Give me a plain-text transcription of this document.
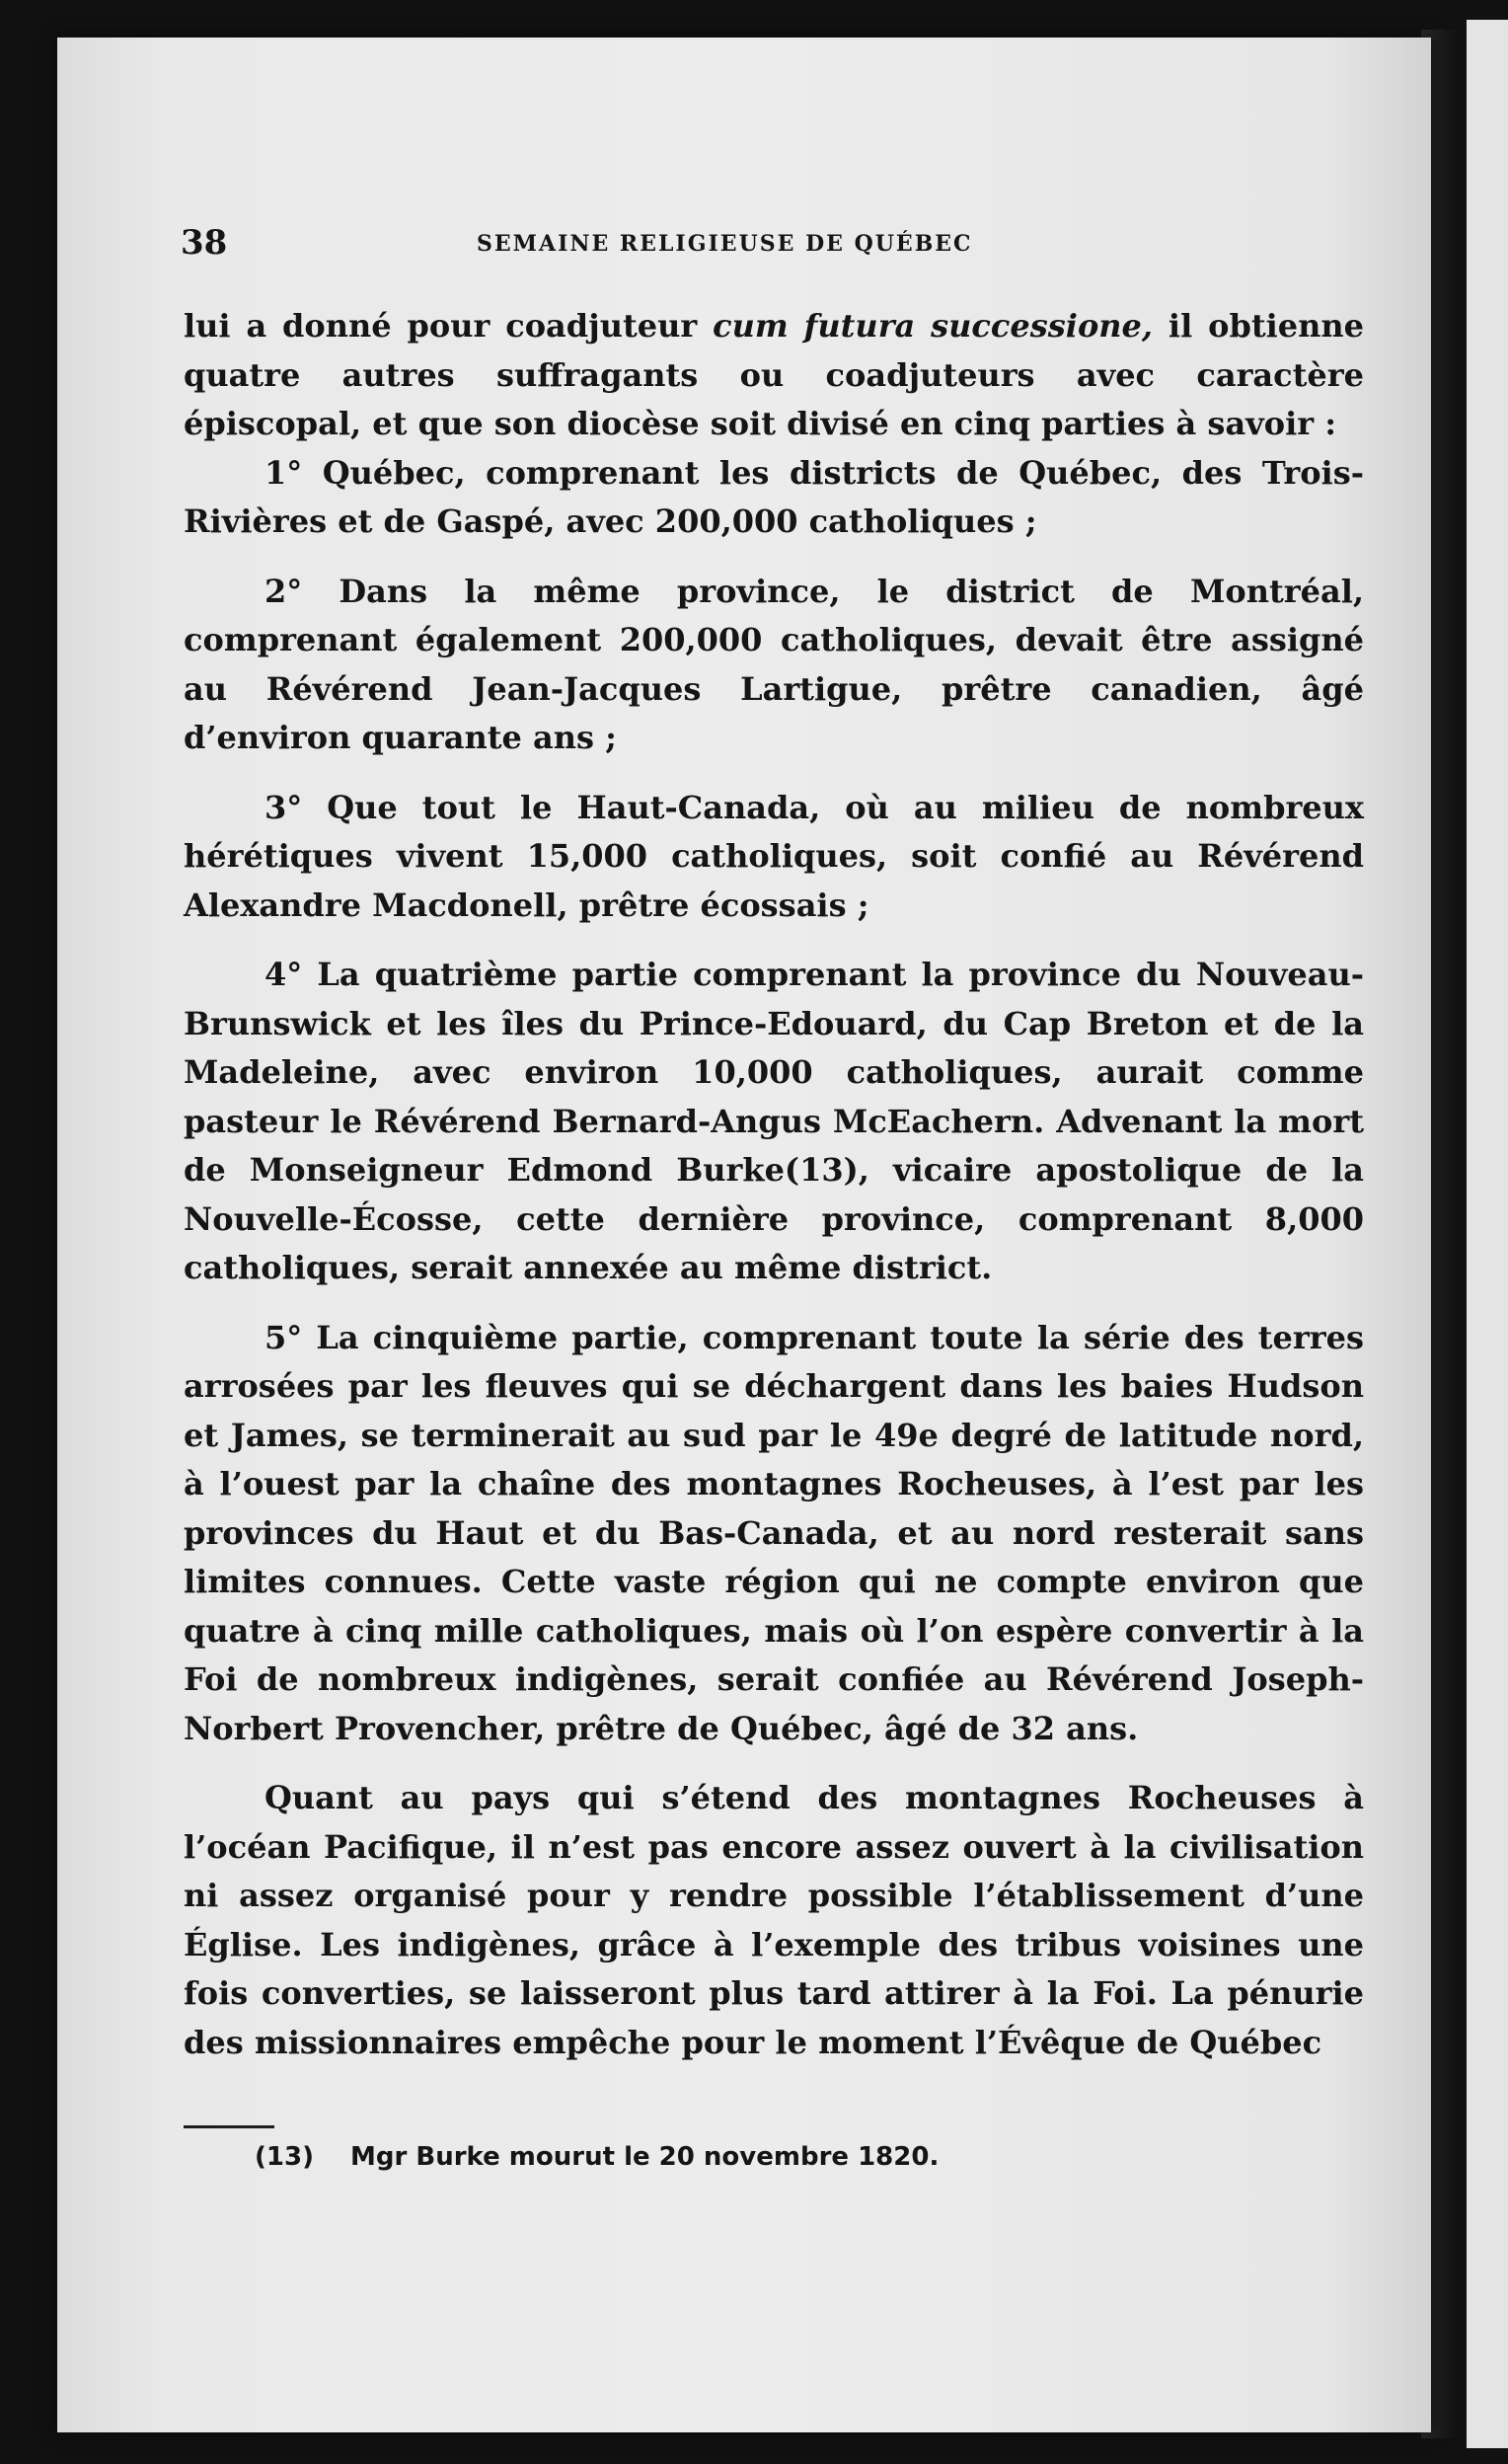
38	SEMAINE RELIGIEUSE DE QUÉBEC

lui a donné pour coadjuteur cum futura successione, il obtienne quatre autres suffragants ou coadjuteurs avec caractère épiscopal, et que son diocèse soit divisé en cinq parties à savoir :

1° Québec, comprenant les districts de Québec, des Trois-Rivières et de Gaspé, avec 200,000 catholiques ;

2° Dans la même province, le district de Montréal, comprenant également 200,000 catholiques, devait être assigné au Révérend Jean-Jacques Lartigue, prêtre canadien, âgé d’environ quarante ans ;

3° Que tout le Haut-Canada, où au milieu de nombreux hérétiques vivent 15,000 catholiques, soit confié au Révérend Alexandre Macdonell, prêtre écossais ;

4° La quatrième partie comprenant la province du Nouveau-Brunswick et les îles du Prince-Edouard, du Cap Breton et de la Madeleine, avec environ 10,000 catholiques, aurait comme pasteur le Révérend Bernard-Angus McEachern. Advenant la mort de Monseigneur Edmond Burke(13), vicaire apostolique de la Nouvelle-Écosse, cette dernière province, comprenant 8,000 catholiques, serait annexée au même district.

5° La cinquième partie, comprenant toute la série des terres arrosées par les fleuves qui se déchargent dans les baies Hudson et James, se terminerait au sud par le 49e degré de latitude nord, à l’ouest par la chaîne des montagnes Rocheuses, à l’est par les provinces du Haut et du Bas-Canada, et au nord resterait sans limites connues. Cette vaste région qui ne compte environ que quatre à cinq mille catholiques, mais où l’on espère convertir à la Foi de nombreux indigènes, serait confiée au Révérend Joseph-Norbert Provencher, prêtre de Québec, âgé de 32 ans.

Quant au pays qui s’étend des montagnes Rocheuses à l’océan Pacifique, il n’est pas encore assez ouvert à la civilisation ni assez organisé pour y rendre possible l’établissement d’une Église. Les indigènes, grâce à l’exemple des tribus voisines une fois converties, se laisseront plus tard attirer à la Foi. La pénurie des missionnaires empêche pour le moment l’Évêque de Québec

(13) Mgr Burke mourut le 20 novembre 1820.
